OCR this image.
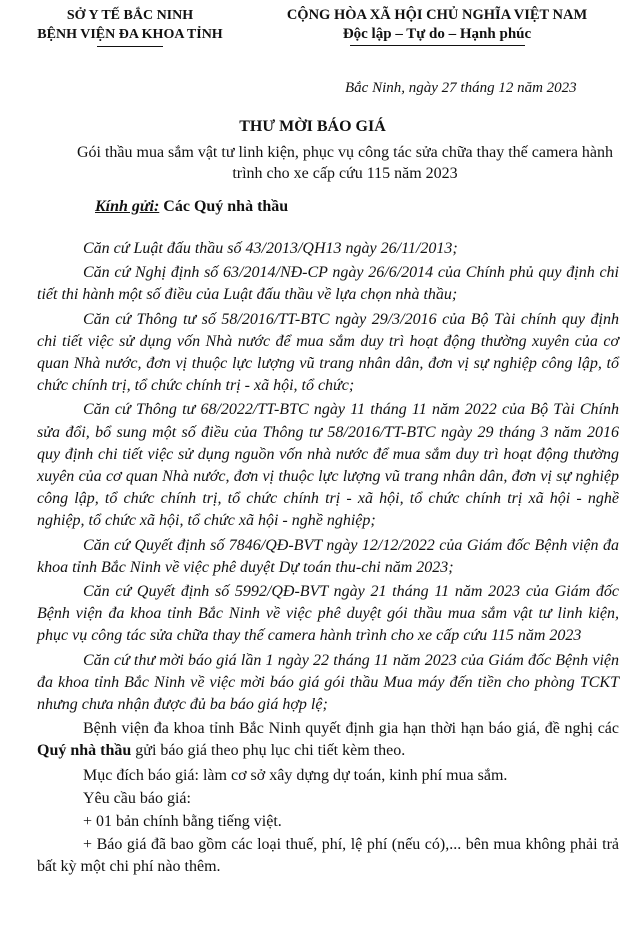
SỞ Y TẾ BẮC NINH
BỆNH VIỆN ĐA KHOA TỈNH
CỘNG HÒA XÃ HỘI CHỦ NGHĨA VIỆT NAM
Độc lập – Tự do – Hạnh phúc
Bắc Ninh, ngày 27 tháng 12 năm 2023
THƯ MỜI BÁO GIÁ
Gói thầu mua sắm vật tư linh kiện, phục vụ công tác sửa chữa thay thế camera hành trình cho xe cấp cứu 115 năm 2023
Kính gửi: Các Quý nhà thầu

Căn cứ Luật đấu thầu số 43/2013/QH13 ngày 26/11/2013;

Căn cứ Nghị định số 63/2014/NĐ-CP ngày 26/6/2014 của Chính phủ quy định chi tiết thi hành một số điều của Luật đấu thầu về lựa chọn nhà thầu;

Căn cứ Thông tư số 58/2016/TT-BTC ngày 29/3/2016 của Bộ Tài chính quy định chi tiết việc sử dụng vốn Nhà nước để mua sắm duy trì hoạt động thường xuyên của cơ quan Nhà nước, đơn vị thuộc lực lượng vũ trang nhân dân, đơn vị sự nghiệp công lập, tổ chức chính trị, tổ chức chính trị - xã hội, tổ chức;

Căn cứ Thông tư 68/2022/TT-BTC ngày 11 tháng 11 năm 2022 của Bộ Tài Chính sửa đổi, bổ sung một số điều của Thông tư 58/2016/TT-BTC ngày 29 tháng 3 năm 2016 quy định chi tiết việc sử dụng nguồn vốn nhà nước để mua sắm duy trì hoạt động thường xuyên của cơ quan Nhà nước, đơn vị thuộc lực lượng vũ trang nhân dân, đơn vị sự nghiệp công lập, tổ chức chính trị, tổ chức chính trị - xã hội, tổ chức chính trị xã hội - nghề nghiệp, tổ chức xã hội, tổ chức xã hội - nghề nghiệp;

Căn cứ Quyết định số 7846/QĐ-BVT ngày 12/12/2022 của Giám đốc Bệnh viện đa khoa tỉnh Bắc Ninh về việc phê duyệt Dự toán thu-chi năm 2023;

Căn cứ Quyết định số 5992/QĐ-BVT ngày 21 tháng 11 năm 2023 của Giám đốc Bệnh viện đa khoa tỉnh Bắc Ninh về việc phê duyệt gói thầu mua sắm vật tư linh kiện, phục vụ công tác sửa chữa thay thế camera hành trình cho xe cấp cứu 115 năm 2023

Căn cứ thư mời báo giá lần 1 ngày 22 tháng 11 năm 2023 của Giám đốc Bệnh viện đa khoa tỉnh Bắc Ninh về việc mời báo giá gói thầu Mua máy đến tiền cho phòng TCKT nhưng chưa nhận được đủ ba báo giá hợp lệ;

Bệnh viện đa khoa tỉnh Bắc Ninh quyết định gia hạn thời hạn báo giá, đề nghị các Quý nhà thầu gửi báo giá theo phụ lục chi tiết kèm theo.

Mục đích báo giá: làm cơ sở xây dựng dự toán, kinh phí mua sắm.

Yêu cầu báo giá:

+ 01 bản chính bằng tiếng việt.

+ Báo giá đã bao gồm các loại thuế, phí, lệ phí (nếu có),... bên mua không phải trả bất kỳ một chi phí nào thêm.
